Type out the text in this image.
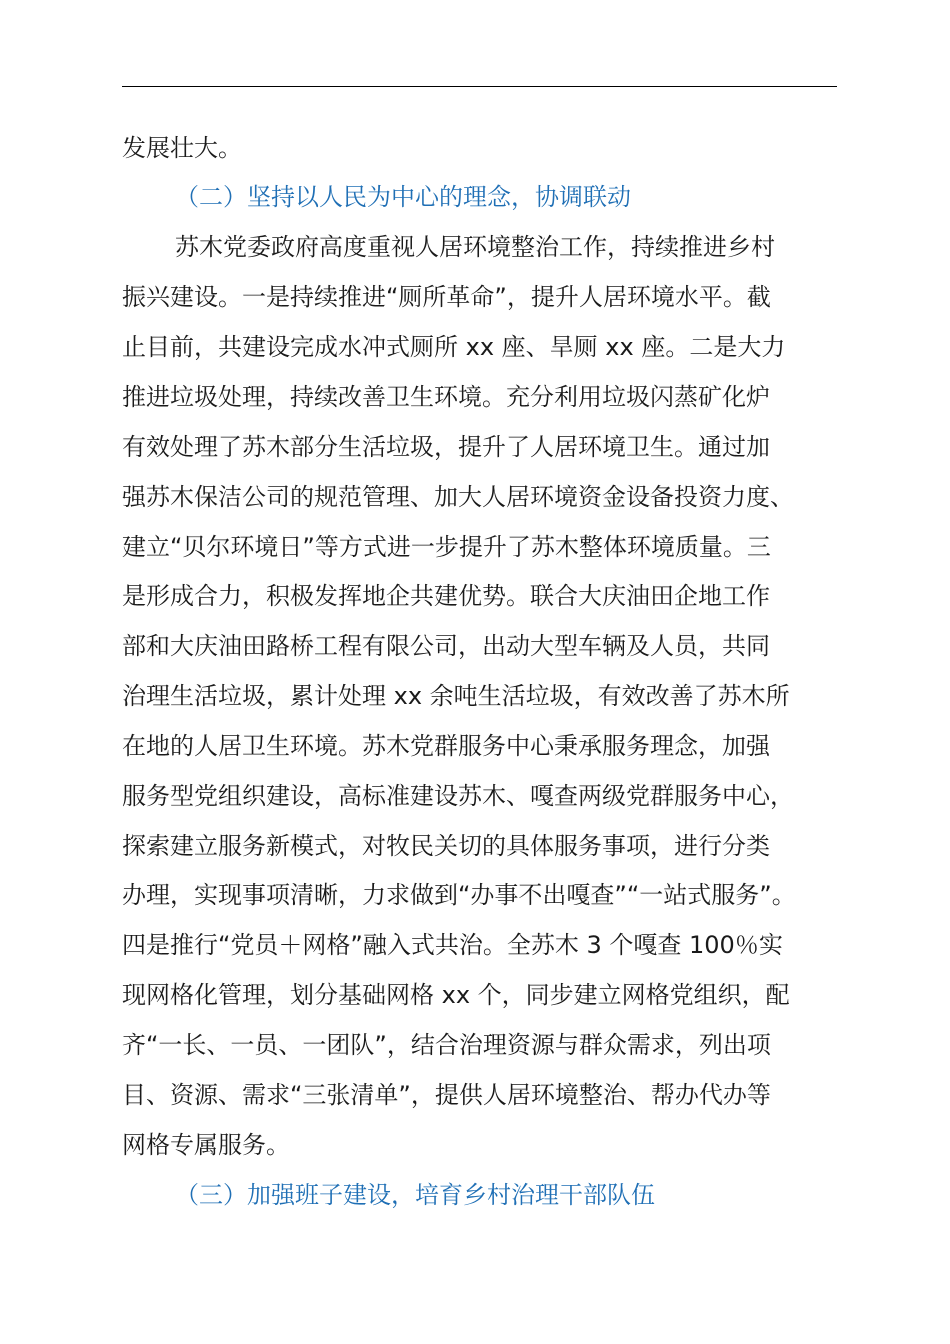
发展壮大。

（二）坚持以人民为中心的理念，协调联动

苏木党委政府高度重视人居环境整治工作，持续推进乡村

振兴建设。一是持续推进“厕所革命”，提升人居环境水平。截

止目前，共建设完成水冲式厕所 xx 座、旱厕 xx 座。二是大力

推进垃圾处理，持续改善卫生环境。充分利用垃圾闪蒸矿化炉

有效处理了苏木部分生活垃圾，提升了人居环境卫生。通过加

强苏木保洁公司的规范管理、加大人居环境资金设备投资力度、

建立“贝尔环境日”等方式进一步提升了苏木整体环境质量。三

是形成合力，积极发挥地企共建优势。联合大庆油田企地工作

部和大庆油田路桥工程有限公司，出动大型车辆及人员，共同

治理生活垃圾，累计处理 xx 余吨生活垃圾，有效改善了苏木所

在地的人居卫生环境。苏木党群服务中心秉承服务理念，加强

服务型党组织建设，高标准建设苏木、嘎查两级党群服务中心，

探索建立服务新模式，对牧民关切的具体服务事项，进行分类

办理，实现事项清晰，力求做到“办事不出嘎查”“一站式服务”。

四是推行“党员＋网格”融入式共治。全苏木 3 个嘎查 100％实

现网格化管理，划分基础网格 xx 个，同步建立网格党组织，配

齐“一长、一员、一团队”，结合治理资源与群众需求，列出项

目、资源、需求“三张清单”，提供人居环境整治、帮办代办等

网格专属服务。

（三）加强班子建设，培育乡村治理干部队伍
